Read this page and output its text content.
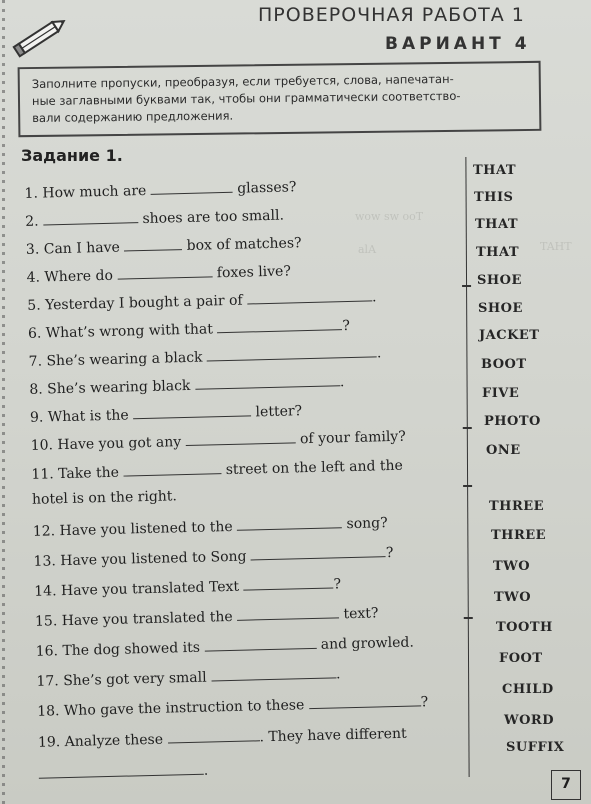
ПРОВЕРОЧНАЯ РАБОТА 1
ВАРИАНТ 4
Заполните пропуски, преобразуя, если требуется, слова, напечатан-
ные заглавными буквами так, чтобы они грамматически соответство-
вали содержанию предложения.
Задание 1.
wow sw ooT
alA	TAHT
1. How much are	glasses?
2.	shoes are too small.
3. Can I have	box of matches?
4. Where do	foxes live?
5. Yesterday I bought a pair of	.
6. What’s wrong with that	?
7. She’s wearing a black	.
8. She’s wearing black	.
9. What is the	letter?
10. Have you got any	of your family?
11. Take the	street on the left and the
hotel is on the right.
12. Have you listened to the	song?
13. Have you listened to Song	?
14. Have you translated Text	?
15. Have you translated the	text?
16. The dog showed its	and growled.
17. She’s got very small	.
18. Who gave the instruction to these	?
19. Analyze these	. They have different
.
THAT
THIS
THAT
THAT
SHOE
SHOE
JACKET
BOOT
FIVE
PHOTO
ONE
THREE
THREE
TWO
TWO
TOOTH
FOOT
CHILD
WORD
SUFFIX
7
